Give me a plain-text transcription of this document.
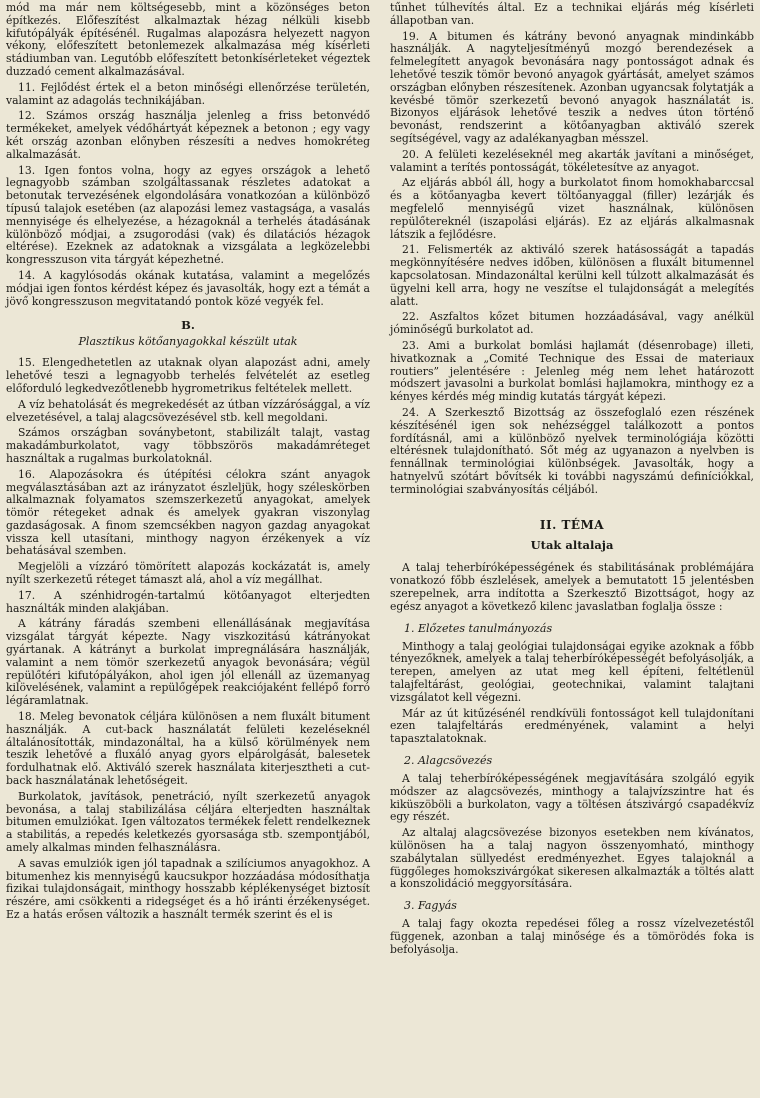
mód ma már nem költségesebb, mint a közönséges beton építkezés. Előfeszítést alkalmaztak hézag nélküli kisebb kifutópályák építésénél. Rugalmas alapozásra helyezett nagyon vékony, előfeszített betonlemezek alkalmazása még kísérleti stádiumban van. Legutóbb előfeszített betonkísérleteket végeztek duzzadó cement alkalmazásával.

11. Fejlődést értek el a beton minőségi ellenőrzése területén, valamint az adagolás technikájában.

12. Számos ország használja jelenleg a friss betonvédő termékeket, amelyek védőhártyát képeznek a betonon ; egy vagy két ország azonban előnyben részesíti a nedves homokréteg alkalmazását.

13. Igen fontos volna, hogy az egyes országok a lehető legnagyobb számban szolgáltassanak részletes adatokat a betonutak tervezésének elgondolására vonatkozóan a különböző típusú talajok esetében (az alapozási lemez vastagsága, a vasalás mennyisége és elhelyezése, a hézagoknál a terhelés átadásának különböző módjai, a zsugorodási (vak) és dilatációs hézagok eltérése). Ezeknek az adatoknak a vizsgálata a legközelebbi kongresszuson vita tárgyát képezhetné.

14. A kagylósodás okának kutatása, valamint a megelőzés módjai igen fontos kérdést képez és javasolták, hogy ezt a témát a jövő kongresszuson megvitatandó pontok közé vegyék fel.

B.
Plasztikus kötőanyagokkal készült utak

15. Elengedhetetlen az utaknak olyan alapozást adni, amely lehetővé teszi a legnagyobb terhelés felvételét az esetleg előforduló legkedvezőtlenebb hygrometrikus feltételek mellett.

A víz behatolását és megrekedését az útban vízzárósággal, a víz elvezetésével, a talaj alagcsövezésével stb. kell megoldani.

Számos országban soványbetont, stabilizált talajt, vastag makadámburkolatot, vagy többszörös makadámréteget használtak a rugalmas burkolatoknál.

16. Alapozásokra és útépítési célokra szánt anyagok megválasztásában azt az irányzatot észleljük, hogy széleskörben alkalmaznak folyamatos szemszerkezetű anyagokat, amelyek tömör rétegeket adnak és amelyek gyakran viszonylag gazdaságosak. A finom szemcsékben nagyon gazdag anyagokat vissza kell utasítani, minthogy nagyon érzékenyek a víz behatásával szemben.

Megjelöli a vízzáró tömörített alapozás kockázatát is, amely nyílt szerkezetű réteget támaszt alá, ahol a víz megállhat.

17. A szénhidrogén-tartalmú kötőanyagot elterjedten használták minden alakjában.

A kátrány fáradás szembeni ellenállásának megjavítása vizsgálat tárgyát képezte. Nagy viszkozitású kátrányokat gyártanak. A kátrányt a burkolat impregnálására használják, valamint a nem tömör szerkezetű anyagok bevonására; végül repülőtéri kifutópályákon, ahol igen jól ellenáll az üzemanyag kilövelésének, valamint a repülőgépek reakciójaként fellépő forró légáramlatnak.

18. Meleg bevonatok céljára különösen a nem fluxált bitument használják. A cut-back használatát felületi kezeléseknél általánosították, mindazonáltal, ha a külső körülmények nem teszik lehetővé a fluxáló anyag gyors elpárolgását, balesetek fordulhatnak elő. Aktiváló szerek használata kiterjesztheti a cut-back használatának lehetőségeit.

Burkolatok, javítások, penetráció, nyílt szerkezetű anyagok bevonása, a talaj stabilizálása céljára elterjedten használtak bitumen emulziókat. Igen változatos termékek felett rendelkeznek a stabilitás, a repedés keletkezés gyorsasága stb. szempontjából, amely alkalmas minden felhasználásra.

A savas emulziók igen jól tapadnak a szilíciumos anyagokhoz. A bitumenhez kis mennyiségű kaucsukpor hozzáadása módosíthatja fizikai tulajdonságait, minthogy hosszabb képlékenységet biztosít részére, ami csökkenti a ridegséget és a hő iránti érzékenységet. Ez a hatás erősen változik a használt termék szerint és el is

tűnhet túlhevítés által. Ez a technikai eljárás még kísérleti állapotban van.

19. A bitumen és kátrány bevonó anyagnak mindinkább használják. A nagyteljesítményű mozgó berendezések a felmelegített anyagok bevonására nagy pontosságot adnak és lehetővé teszik tömör bevonó anyagok gyártását, amelyet számos országban előnyben részesítenek. Azonban ugyancsak folytatják a kevésbé tömör szerkezetű bevonó anyagok használatát is. Bizonyos eljárások lehetővé teszik a nedves úton történő bevonást, rendszerint a kötőanyagban aktiváló szerek segítségével, vagy az adalékanyagban mésszel.

20. A felületi kezeléseknél meg akarták javítani a minőséget, valamint a terítés pontosságát, tökéletesítve az anyagot.

Az eljárás abból áll, hogy a burkolatot finom homokhabarccsal és a kötőanyagba kevert töltőanyaggal (filler) lezárják és megfelelő mennyiségű vizet használnak, különösen repülőtereknél (iszapolási eljárás). Ez az eljárás alkalmasnak látszik a fejlődésre.

21. Felismerték az aktiváló szerek hatásosságát a tapadás megkönnyítésére nedves időben, különösen a fluxált bitumennel kapcsolatosan. Mindazonáltal kerülni kell túlzott alkalmazását és ügyelni kell arra, hogy ne veszítse el tulajdonságát a melegítés alatt.

22. Aszfaltos kőzet bitumen hozzáadásával, vagy anélkül jóminőségű burkolatot ad.

23. Ami a burkolat bomlási hajlamát (désenrobage) illeti, hivatkoznak a „Comité Technique des Essai de materiaux routiers” jelentésére : Jelenleg még nem lehet határozott módszert javasolni a burkolat bomlási hajlamokra, minthogy ez a kényes kérdés még mindig kutatás tárgyát képezi.

24. A Szerkesztő Bizottság az összefoglaló ezen részének készítésénél igen sok nehézséggel találkozott a pontos fordításnál, ami a különböző nyelvek terminológiája közötti eltérésnek tulajdonítható. Sőt még az ugyanazon a nyelvben is fennállnak terminológiai különbségek. Javasolták, hogy a hatnyelvű szótárt bővítsék ki további nagyszámú definíciókkal, terminológiai szabványosítás céljából.

II. TÉMA
Utak altalaja

A talaj teherbíróképességének és stabilitásának problémájára vonatkozó főbb észlelések, amelyek a bemutatott 15 jelentésben szerepelnek, arra indította a Szerkesztő Bizottságot, hogy az egész anyagot a következő kilenc javaslatban foglalja össze :

1. Előzetes tanulmányozás

Minthogy a talaj geológiai tulajdonságai egyike azoknak a főbb tényezőknek, amelyek a talaj teherbíróképességét befolyásolják, a terepen, amelyen az utat meg kell építeni, feltétlenül talajfeltárást, geológiai, geotechnikai, valamint talajtani vizsgálatot kell végezni.

Már az út kitűzésénél rendkívüli fontosságot kell tulajdonítani ezen talajfeltárás eredményének, valamint a helyi tapasztalatoknak.

2. Alagcsövezés

A talaj teherbíróképességének megjavítására szolgáló egyik módszer az alagcsövezés, minthogy a talajvízszintre hat és kiküszöböli a burkolaton, vagy a töltésen átszivárgó csapadékvíz egy részét.

Az altalaj alagcsövezése bizonyos esetekben nem kívánatos, különösen ha a talaj nagyon összenyomható, minthogy szabálytalan süllyedést eredményezhet. Egyes talajoknál a függőleges homokszivárgókat sikeresen alkalmazták a töltés alatt a konszolidáció meggyorsítására.

3. Fagyás

A talaj fagy okozta repedései főleg a rossz vízelvezetéstől függenek, azonban a talaj minősége és a tömörödés foka is befolyásolja.
